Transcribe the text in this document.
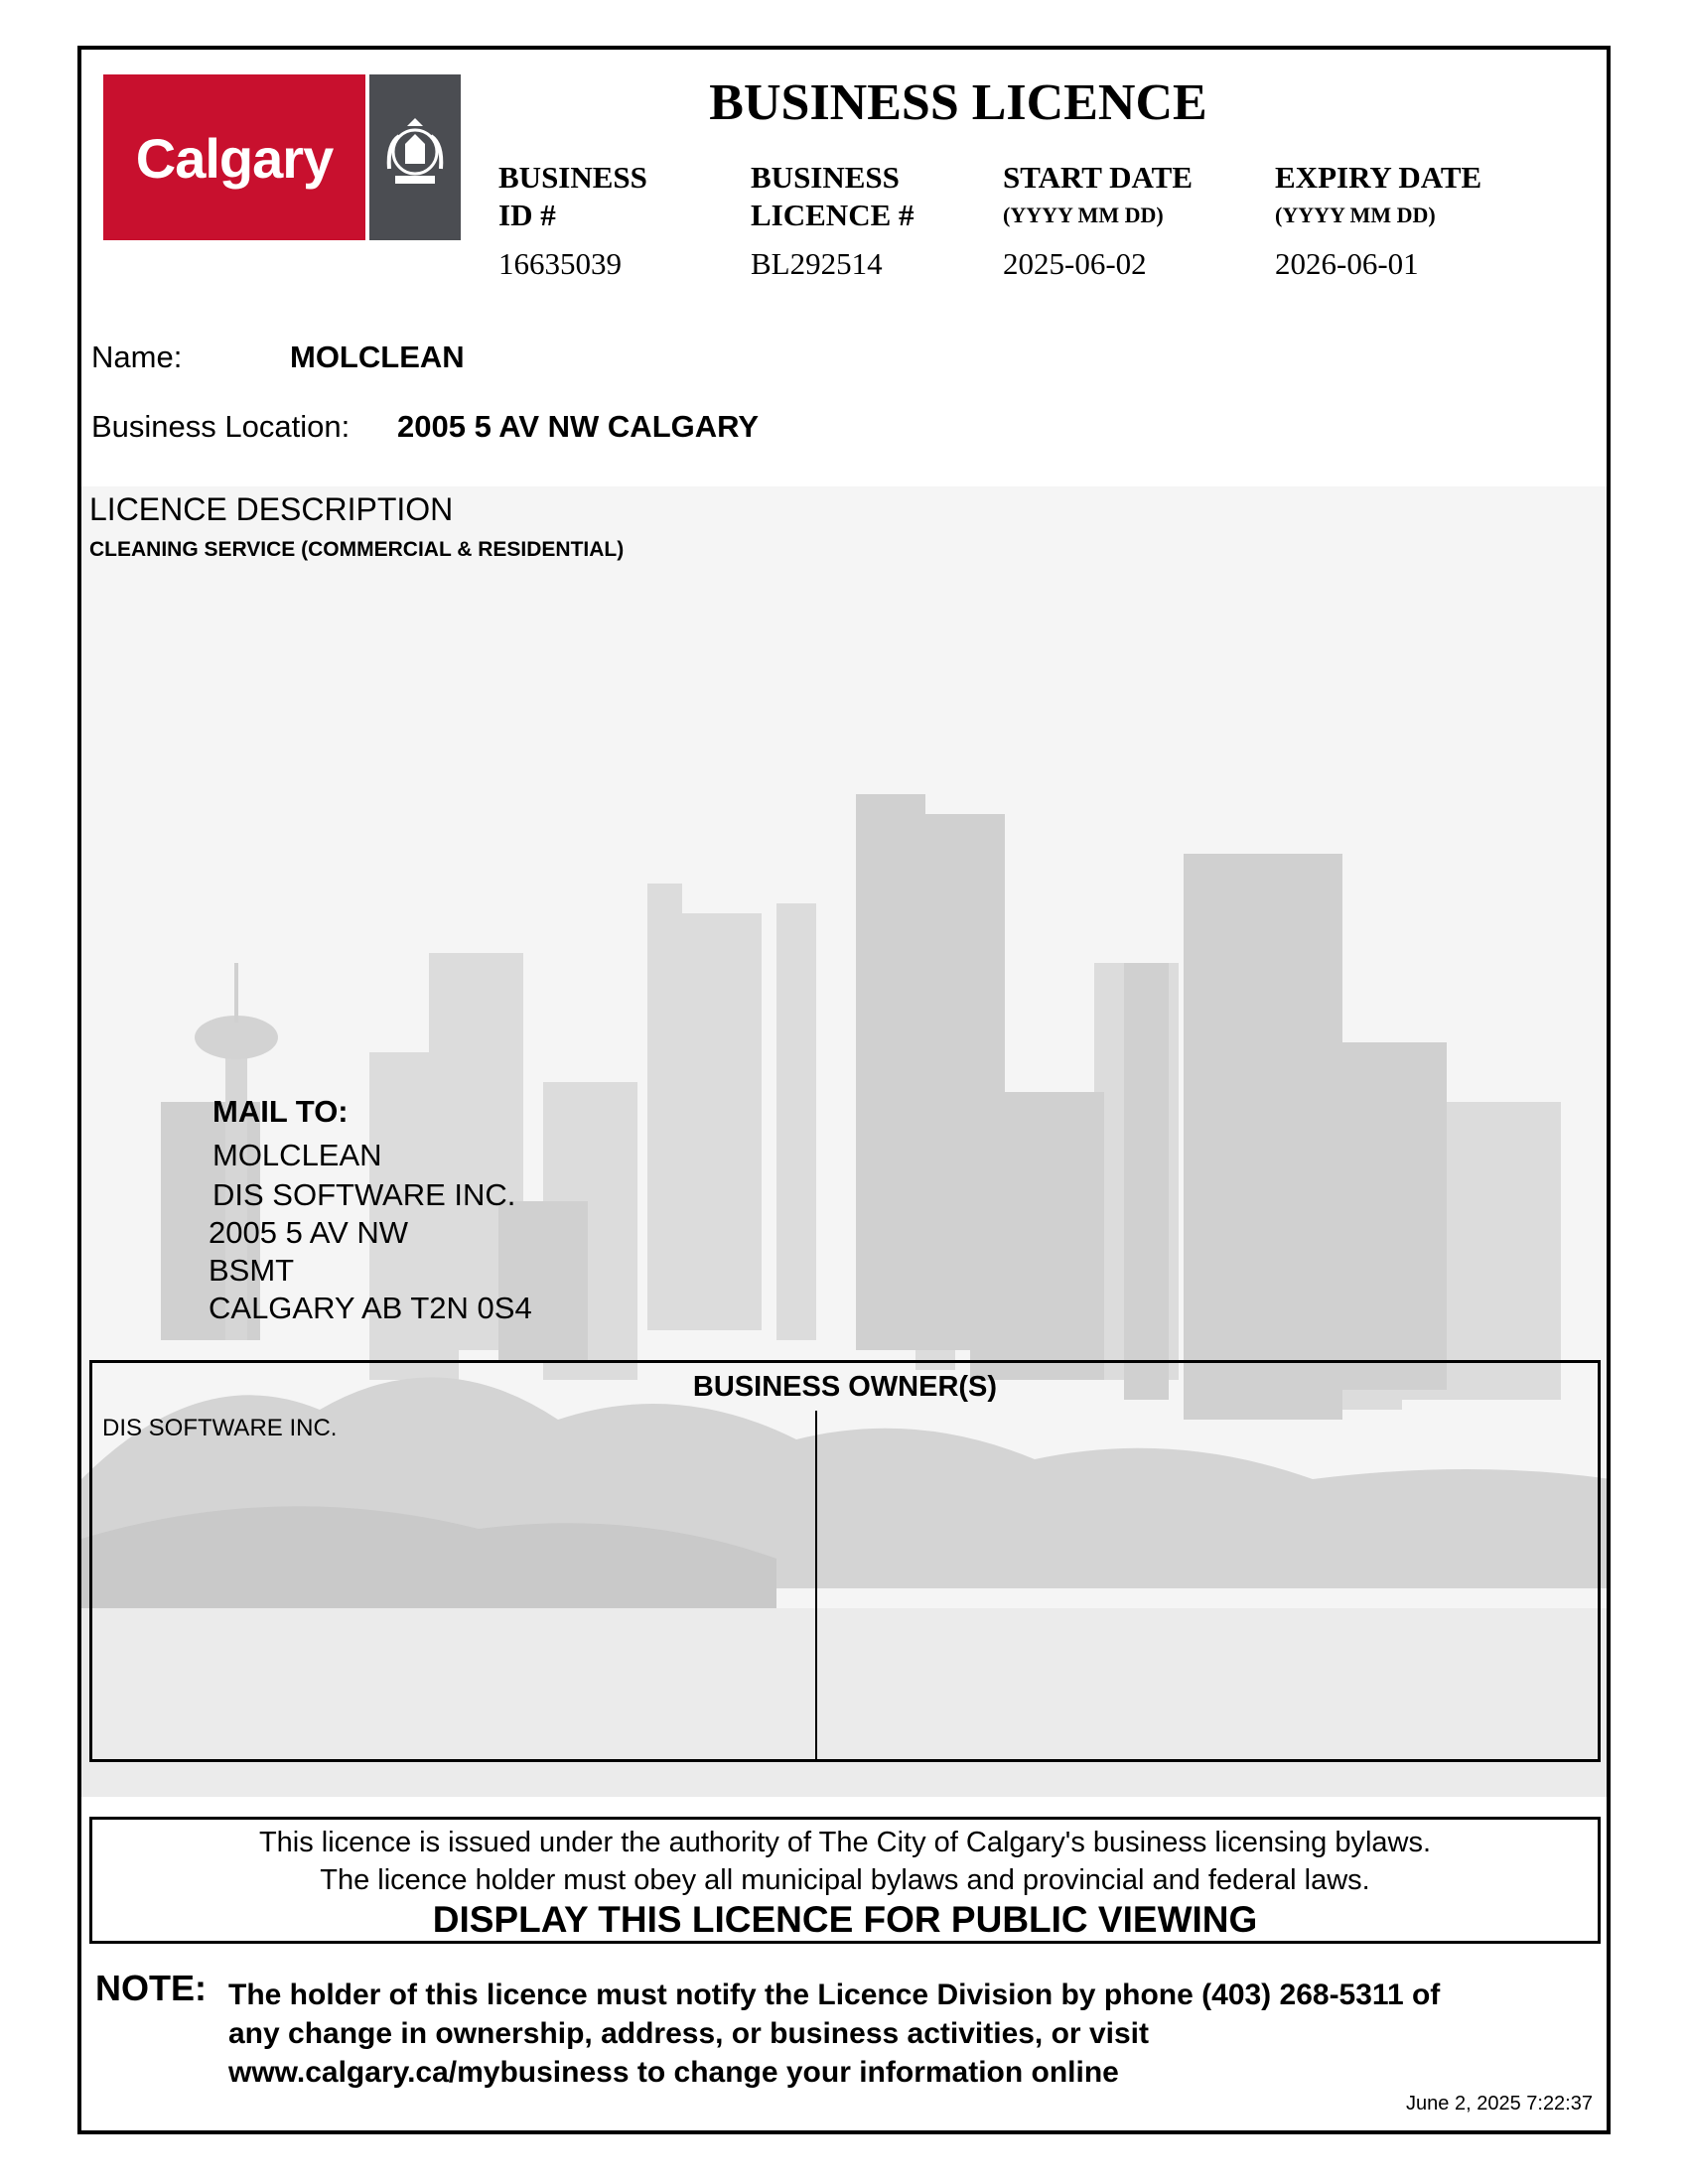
Calgary
BUSINESS LICENCE
BUSINESS
ID #
16635039
BUSINESS
LICENCE #
BL292514
START DATE
(YYYY MM DD)
2025-06-02
EXPIRY DATE
(YYYY MM DD)
2026-06-01
Name:	MOLCLEAN
Business Location: 2005 5 AV NW CALGARY
LICENCE DESCRIPTION
CLEANING SERVICE (COMMERCIAL & RESIDENTIAL)
MAIL TO:
MOLCLEAN
DIS SOFTWARE INC.
2005 5 AV NW
BSMT
CALGARY AB T2N 0S4
BUSINESS OWNER(S)
DIS SOFTWARE INC.
This licence is issued under the authority of The City of Calgary's business licensing bylaws.
The licence holder must obey all municipal bylaws and provincial and federal laws.
DISPLAY THIS LICENCE FOR PUBLIC VIEWING
NOTE: The holder of this licence must notify the Licence Division by phone (403) 268-5311 of
any change in ownership, address, or business activities, or visit
www.calgary.ca/mybusiness to change your information online
June 2, 2025 7:22:37
